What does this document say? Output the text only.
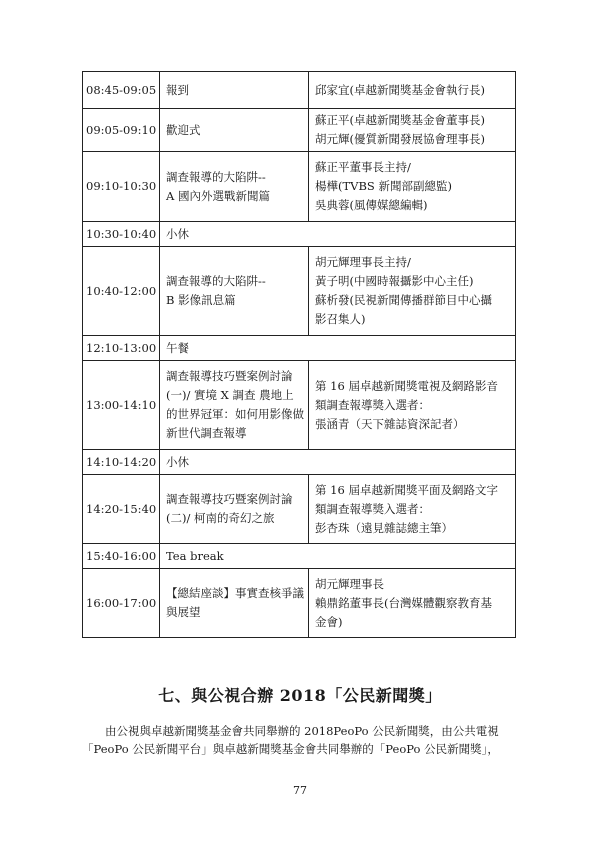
08:45-09:05	報到	邱家宜(卓越新聞獎基金會執行長)

09:05-09:10	歡迎式	蘇正平(卓越新聞獎基金會董事長)
胡元輝(優質新聞發展協會理事長)

09:10-10:30	調查報導的大陷阱--
A 國內外選戰新聞篇	蘇正平董事長主持/
楊樺(TVBS 新聞部副總監)
吳典蓉(風傳媒總編輯)

10:30-10:40	小休	
10:40-12:00	調查報導的大陷阱--
B 影像訊息篇	胡元輝理事長主持/
黃子明(中國時報攝影中心主任)
蘇析發(民視新聞傳播群節目中心攝
影召集人)

12:10-13:00	午餐	
13:00-14:10	調查報導技巧暨案例討論
(一)/ 實境 X 調查 農地上
的世界冠軍：如何用影像做
新世代調查報導	第 16 屆卓越新聞獎電視及網路影音
類調查報導獎入選者：
張涵青（天下雜誌資深記者）

14:10-14:20	小休	
14:20-15:40	調查報導技巧暨案例討論
(二)/ 柯南的奇幻之旅	第 16 屆卓越新聞獎平面及網路文字
類調查報導獎入選者：
彭杏珠（遠見雜誌總主筆）

15:40-16:00	Tea break	
16:00-17:00	【總結座談】事實查核爭議
與展望	胡元輝理事長
賴鼎銘董事長(台灣媒體觀察教育基
金會)
七、與公視合辦 2018「公民新聞獎」
由公視與卓越新聞獎基金會共同舉辦的 2018PeoPo 公民新聞獎，由公共電視
「PeoPo 公民新聞平台」與卓越新聞獎基金會共同舉辦的「PeoPo 公民新聞獎」，
77
